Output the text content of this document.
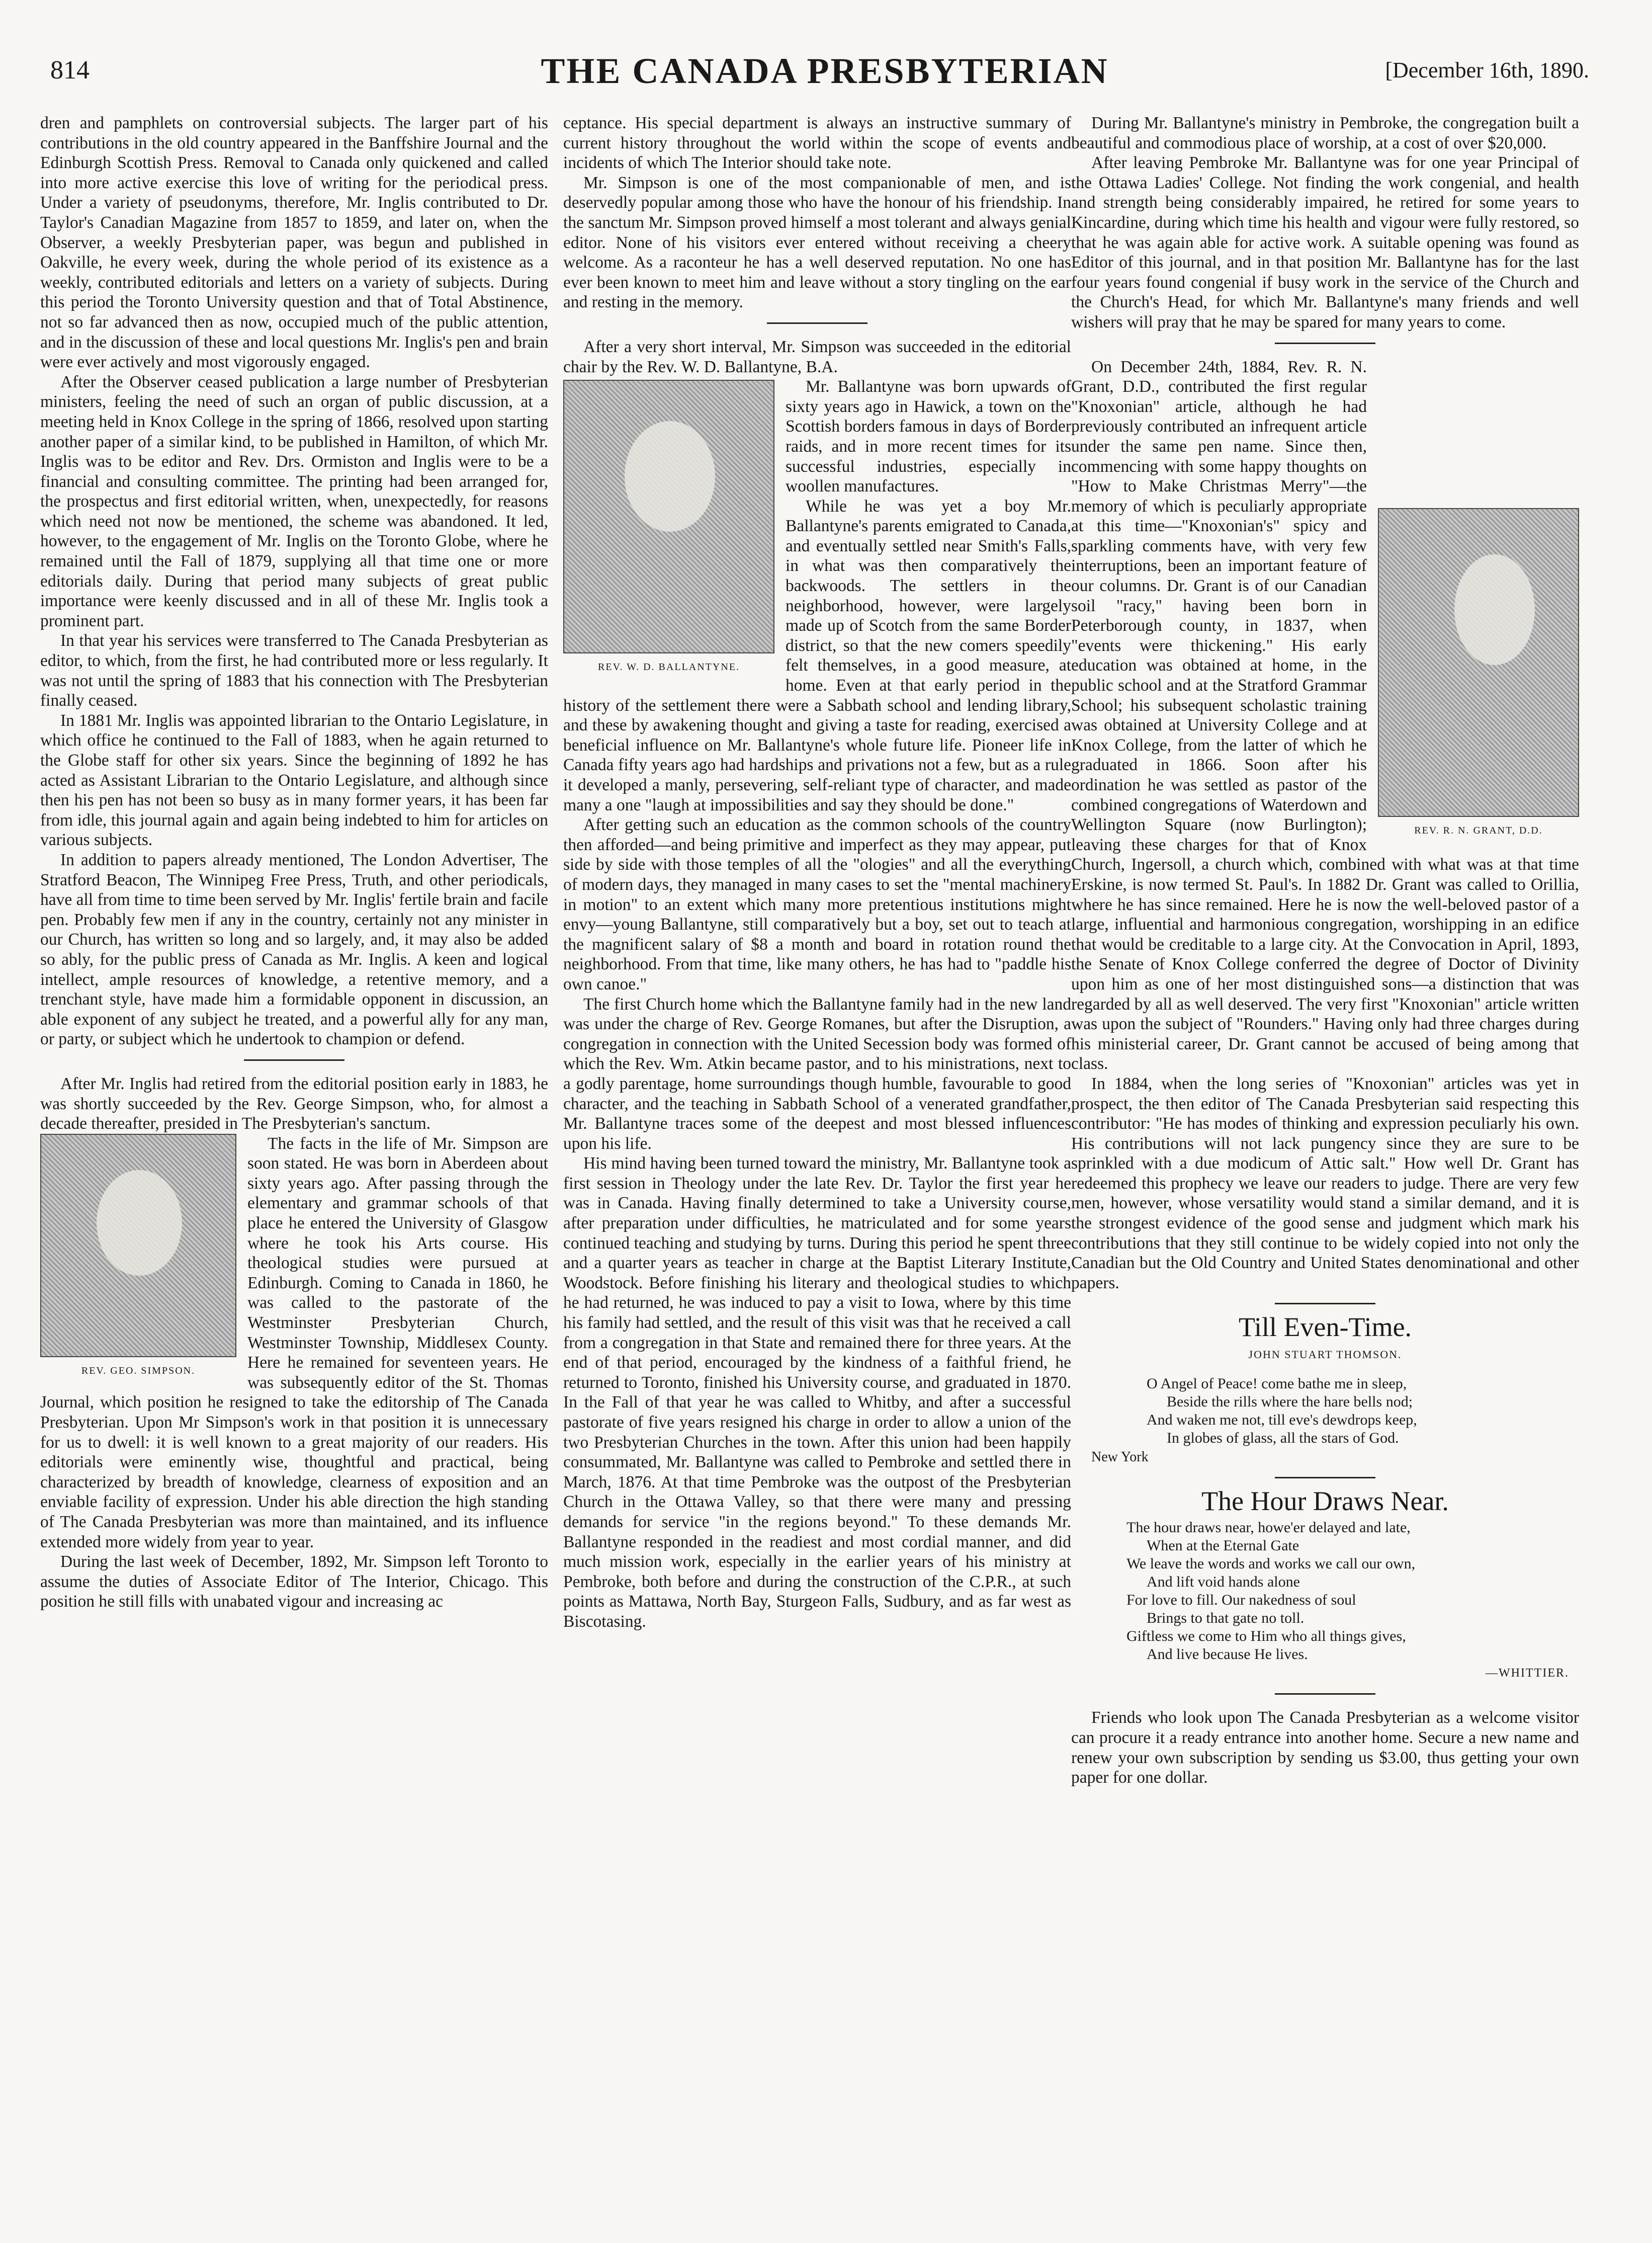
814	THE CANADA PRESBYTERIAN	[December 16th, 1890.

dren and pamphlets on controversial subjects. The larger part of his contributions in the old country appeared in the Banffshire Journal and the Edinburgh Scottish Press. Removal to Canada only quickened and called into more active exercise this love of writing for the periodical press. Under a variety of pseudonyms, therefore, Mr. Inglis contributed to Dr. Taylor's Canadian Magazine from 1857 to 1859, and later on, when the Observer, a weekly Presbyterian paper, was begun and published in Oakville, he every week, during the whole period of its existence as a weekly, contributed editorials and letters on a variety of subjects. During this period the Toronto University question and that of Total Abstinence, not so far advanced then as now, occupied much of the public attention, and in the discussion of these and local questions Mr. Inglis's pen and brain were ever actively and most vigorously engaged.

After the Observer ceased publication a large number of Presbyterian ministers, feeling the need of such an organ of public discussion, at a meeting held in Knox College in the spring of 1866, resolved upon starting another paper of a similar kind, to be published in Hamilton, of which Mr. Inglis was to be editor and Rev. Drs. Ormiston and Inglis were to be a financial and consulting committee. The printing had been arranged for, the prospectus and first editorial written, when, unexpectedly, for reasons which need not now be mentioned, the scheme was abandoned. It led, however, to the engagement of Mr. Inglis on the Toronto Globe, where he remained until the Fall of 1879, supplying all that time one or more editorials daily. During that period many subjects of great public importance were keenly discussed and in all of these Mr. Inglis took a prominent part.

In that year his services were transferred to The Canada Presbyterian as editor, to which, from the first, he had contributed more or less regularly. It was not until the spring of 1883 that his connection with The Presbyterian finally ceased.

In 1881 Mr. Inglis was appointed librarian to the Ontario Legislature, in which office he continued to the Fall of 1883, when he again returned to the Globe staff for other six years. Since the beginning of 1892 he has acted as Assistant Librarian to the Ontario Legislature, and although since then his pen has not been so busy as in many former years, it has been far from idle, this journal again and again being indebted to him for articles on various subjects.

In addition to papers already mentioned, The London Advertiser, The Stratford Beacon, The Winnipeg Free Press, Truth, and other periodicals, have all from time to time been served by Mr. Inglis' fertile brain and facile pen. Probably few men if any in the country, certainly not any minister in our Church, has written so long and so largely, and, it may also be added so ably, for the public press of Canada as Mr. Inglis. A keen and logical intellect, ample resources of knowledge, a retentive memory, and a trenchant style, have made him a formidable opponent in discussion, an able exponent of any subject he treated, and a powerful ally for any man, or party, or subject which he undertook to champion or defend.

After Mr. Inglis had retired from the editorial position early in 1883, he was shortly succeeded by the Rev. George Simpson, who, for almost a decade thereafter, presided in The Presbyterian's sanctum.

REV. GEO. SIMPSON.

The facts in the life of Mr. Simpson are soon stated. He was born in Aberdeen about sixty years ago. After passing through the elementary and grammar schools of that place he entered the University of Glasgow where he took his Arts course. His theological studies were pursued at Edinburgh. Coming to Canada in 1860, he was called to the pastorate of the Westminster Presbyterian Church, Westminster Township, Middlesex County. Here he remained for seventeen years. He was subsequently editor of the St. Thomas Journal, which position he resigned to take the editorship of The Canada Presbyterian. Upon Mr Simpson's work in that position it is unnecessary for us to dwell: it is well known to a great majority of our readers. His editorials were eminently wise, thoughtful and practical, being characterized by breadth of knowledge, clearness of exposition and an enviable facility of expression. Under his able direction the high standing of The Canada Presbyterian was more than maintained, and its influence extended more widely from year to year.

During the last week of December, 1892, Mr. Simpson left Toronto to assume the duties of Associate Editor of The Interior, Chicago. This position he still fills with unabated vigour and increasing ac

ceptance. His special department is always an instructive summary of current history throughout the world within the scope of events and incidents of which The Interior should take note.

Mr. Simpson is one of the most companionable of men, and is deservedly popular among those who have the honour of his friendship. In the sanctum Mr. Simpson proved himself a most tolerant and always genial editor. None of his visitors ever entered without receiving a cheery welcome. As a raconteur he has a well deserved reputation. No one has ever been known to meet him and leave without a story tingling on the ear and resting in the memory.

After a very short interval, Mr. Simpson was succeeded in the editorial chair by the Rev. W. D. Ballantyne, B.A.

REV. W. D. BALLANTYNE.

Mr. Ballantyne was born upwards of sixty years ago in Hawick, a town on the Scottish borders famous in days of Border raids, and in more recent times for its successful industries, especially in woollen manufactures.

While he was yet a boy Mr. Ballantyne's parents emigrated to Canada, and eventually settled near Smith's Falls, in what was then comparatively the backwoods. The settlers in the neighborhood, however, were largely made up of Scotch from the same Border district, so that the new comers speedily felt themselves, in a good measure, at home. Even at that early period in the history of the settlement there were a Sabbath school and lending library, and these by awakening thought and giving a taste for reading, exercised a beneficial influence on Mr. Ballantyne's whole future life. Pioneer life in Canada fifty years ago had hardships and privations not a few, but as a rule it developed a manly, persevering, self-reliant type of character, and made many a one "laugh at impossibilities and say they should be done."

After getting such an education as the common schools of the country then afforded—and being primitive and imperfect as they may appear, put side by side with those temples of all the "ologies" and all the everything of modern days, they managed in many cases to set the "mental machinery in motion" to an extent which many more pretentious institutions might envy—young Ballantyne, still comparatively but a boy, set out to teach at the magnificent salary of $8 a month and board in rotation round the neighborhood. From that time, like many others, he has had to "paddle his own canoe."

The first Church home which the Ballantyne family had in the new land was under the charge of Rev. George Romanes, but after the Disruption, a congregation in connection with the United Secession body was formed of which the Rev. Wm. Atkin became pastor, and to his ministrations, next to a godly parentage, home surroundings though humble, favourable to good character, and the teaching in Sabbath School of a venerated grandfather, Mr. Ballantyne traces some of the deepest and most blessed influences upon his life.

His mind having been turned toward the ministry, Mr. Ballantyne took a first session in Theology under the late Rev. Dr. Taylor the first year he was in Canada. Having finally determined to take a University course, after preparation under difficulties, he matriculated and for some years continued teaching and studying by turns. During this period he spent three and a quarter years as teacher in charge at the Baptist Literary Institute, Woodstock. Before finishing his literary and theological studies to which he had returned, he was induced to pay a visit to Iowa, where by this time his family had settled, and the result of this visit was that he received a call from a congregation in that State and remained there for three years. At the end of that period, encouraged by the kindness of a faithful friend, he returned to Toronto, finished his University course, and graduated in 1870. In the Fall of that year he was called to Whitby, and after a successful pastorate of five years resigned his charge in order to allow a union of the two Presbyterian Churches in the town. After this union had been happily consummated, Mr. Ballantyne was called to Pembroke and settled there in March, 1876. At that time Pembroke was the outpost of the Presbyterian Church in the Ottawa Valley, so that there were many and pressing demands for service "in the regions beyond." To these demands Mr. Ballantyne responded in the readiest and most cordial manner, and did much mission work, especially in the earlier years of his ministry at Pembroke, both before and during the construction of the C.P.R., at such points as Mattawa, North Bay, Sturgeon Falls, Sudbury, and as far west as Biscotasing.

During Mr. Ballantyne's ministry in Pembroke, the congregation built a beautiful and commodious place of worship, at a cost of over $20,000.

After leaving Pembroke Mr. Ballantyne was for one year Principal of the Ottawa Ladies' College. Not finding the work congenial, and health and strength being considerably impaired, he retired for some years to Kincardine, during which time his health and vigour were fully restored, so that he was again able for active work. A suitable opening was found as Editor of this journal, and in that position Mr. Ballantyne has for the last four years found congenial if busy work in the service of the Church and the Church's Head, for which Mr. Ballantyne's many friends and well wishers will pray that he may be spared for many years to come.

REV. R. N. GRANT, D.D.

On December 24th, 1884, Rev. R. N. Grant, D.D., contributed the first regular "Knoxonian" article, although he had previously contributed an infrequent article under the same pen name. Since then, commencing with some happy thoughts on "How to Make Christmas Merry"—the memory of which is peculiarly appropriate at this time—"Knoxonian's" spicy and sparkling comments have, with very few interruptions, been an important feature of our columns. Dr. Grant is of our Canadian soil "racy," having been born in Peterborough county, in 1837, when "events were thickening." His early education was obtained at home, in the public school and at the Stratford Grammar School; his subsequent scholastic training was obtained at University College and at Knox College, from the latter of which he graduated in 1866. Soon after his ordination he was settled as pastor of the combined congregations of Waterdown and Wellington Square (now Burlington); leaving these charges for that of Knox Church, Ingersoll, a church which, combined with what was at that time Erskine, is now termed St. Paul's. In 1882 Dr. Grant was called to Orillia, where he has since remained. Here he is now the well-beloved pastor of a large, influential and harmonious congregation, worshipping in an edifice that would be creditable to a large city. At the Convocation in April, 1893, the Senate of Knox College conferred the degree of Doctor of Divinity upon him as one of her most distinguished sons—a distinction that was regarded by all as well deserved. The very first "Knoxonian" article written was upon the subject of "Rounders." Having only had three charges during his ministerial career, Dr. Grant cannot be accused of being among that class.

In 1884, when the long series of "Knoxonian" articles was yet in prospect, the then editor of The Canada Presbyterian said respecting this contributor: "He has modes of thinking and expression peculiarly his own. His contributions will not lack pungency since they are sure to be sprinkled with a due modicum of Attic salt." How well Dr. Grant has redeemed this prophecy we leave our readers to judge. There are very few men, however, whose versatility would stand a similar demand, and it is the strongest evidence of the good sense and judgment which mark his contributions that they still continue to be widely copied into not only the Canadian but the Old Country and United States denominational and other papers.

Till Even-Time.
JOHN STUART THOMSON.
O Angel of Peace! come bathe me in sleep,
Beside the rills where the hare bells nod;
And waken me not, till eve's dewdrops keep,
In globes of glass, all the stars of God.
New York
The Hour Draws Near.
The hour draws near, howe'er delayed and late,
When at the Eternal Gate
We leave the words and works we call our own,
And lift void hands alone
For love to fill. Our nakedness of soul
Brings to that gate no toll.
Giftless we come to Him who all things gives,
And live because He lives.
—WHITTIER.

Friends who look upon The Canada Presbyterian as a welcome visitor can procure it a ready entrance into another home. Secure a new name and renew your own subscription by sending us $3.00, thus getting your own paper for one dollar.
